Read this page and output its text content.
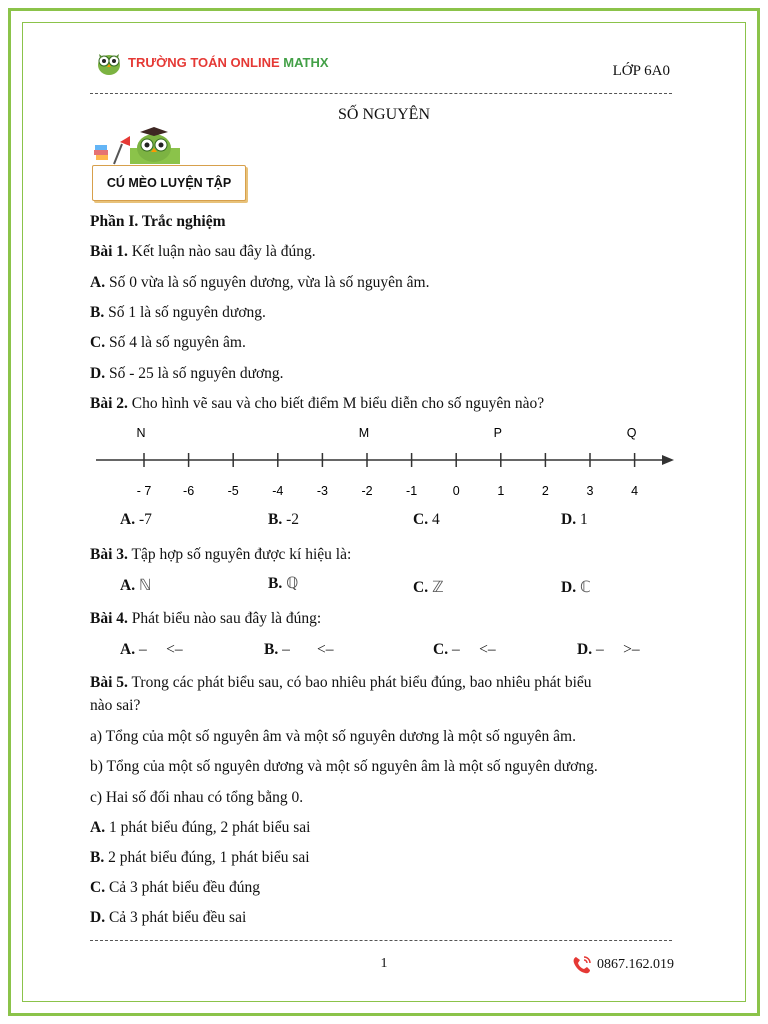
TRƯỜNG TOÁN ONLINE MATHX
LỚP 6A0
SỐ NGUYÊN
CÚ MÈO LUYỆN TẬP
Phần I. Trắc nghiệm
Bài 1. Kết luận nào sau đây là đúng.
A. Số 0 vừa là số nguyên dương, vừa là số nguyên âm.
B. Số 1 là số nguyên dương.
C. Số 4 là số nguyên âm.
D. Số - 25 là số nguyên dương.
Bài 2. Cho hình vẽ sau và cho biết điểm M biểu diễn cho số nguyên nào?
- 7	-6	-5	-4	-3	-2	-1	0	1	2	3	4
N	M	P	Q
A. -7	B. -2	C. 4	D. 1
Bài 3. Tập hợp số nguyên được kí hiệu là:
A. ℕ	B. ℚ	C. ℤ	D. ℂ
Bài 4. Phát biểu nào sau đây là đúng:
A. –     <–	B. –       <–	C. –     <–	D. –     >–
Bài 5. Trong các phát biểu sau, có bao nhiêu phát biểu đúng, bao nhiêu phát biểu
nào sai?
a) Tổng của một số nguyên âm và một số nguyên dương là một số nguyên âm.
b) Tổng của một số nguyên dương và một số nguyên âm là một số nguyên dương.
c) Hai số đối nhau có tổng bằng 0.
A. 1 phát biểu đúng, 2 phát biểu sai
B. 2 phát biểu đúng, 1 phát biểu sai
C. Cả 3 phát biểu đều đúng
D. Cả 3 phát biểu đều sai
1	0867.162.019
